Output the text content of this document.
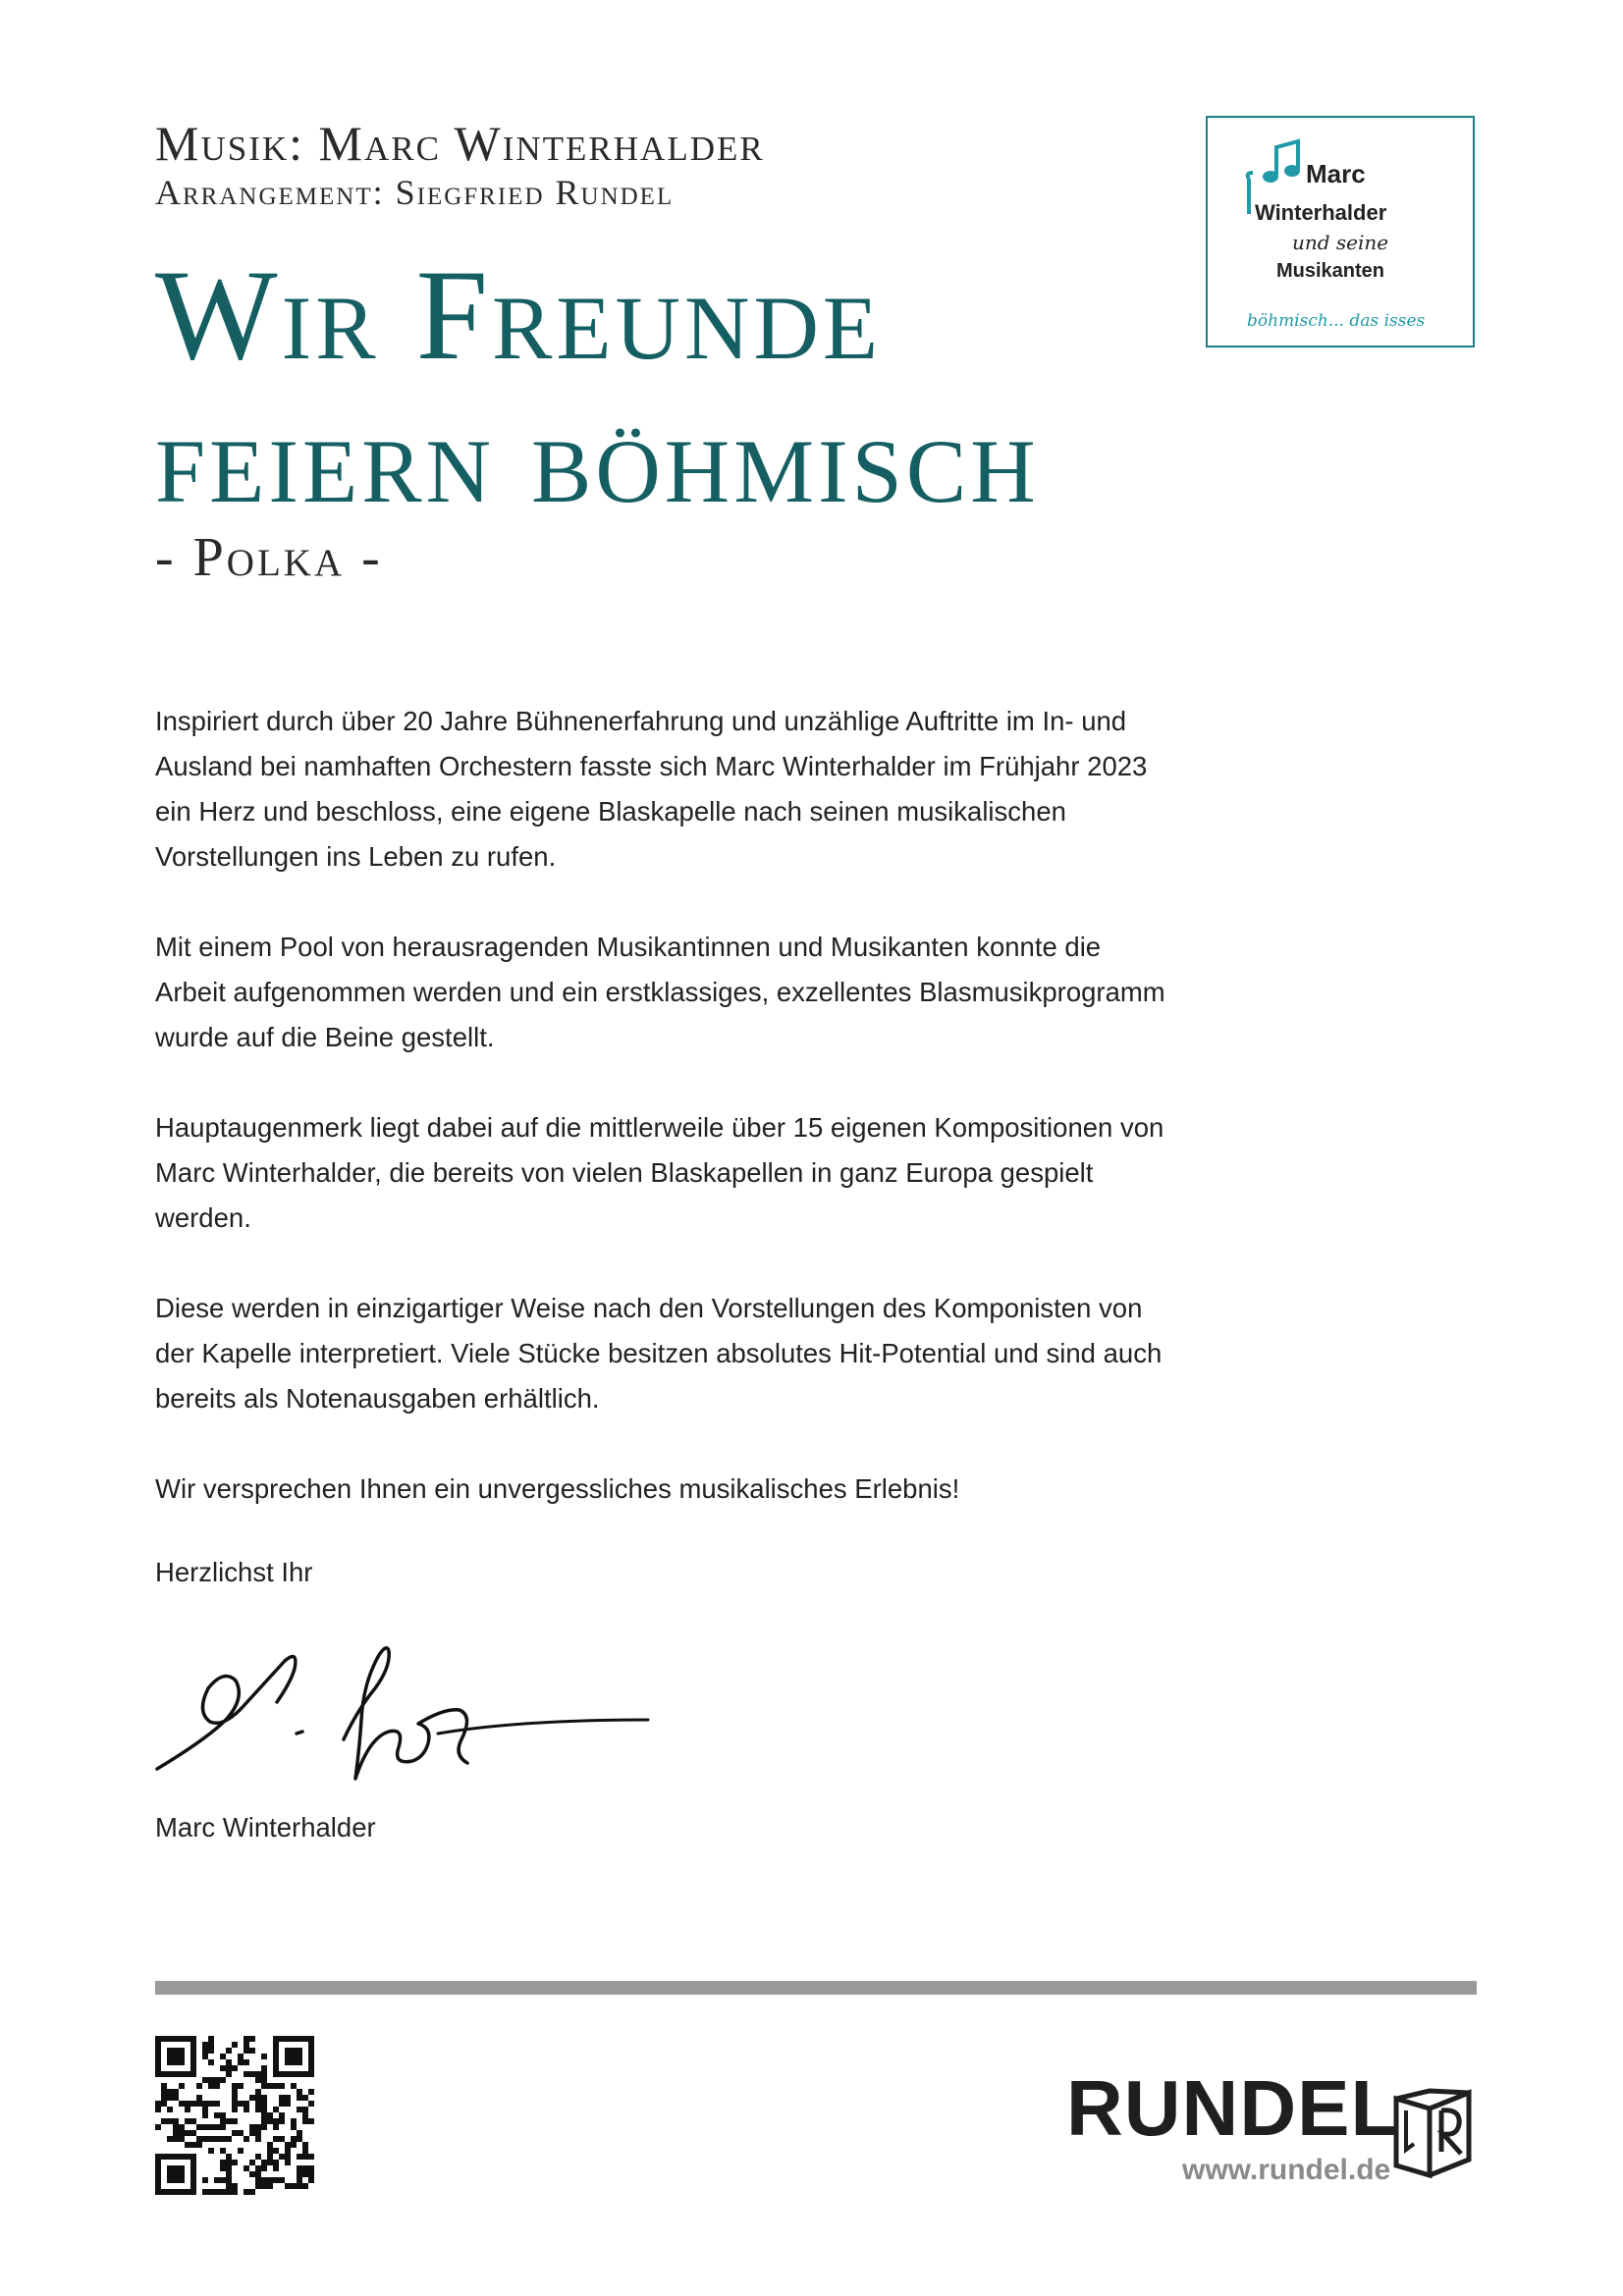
Musik: Marc Winterhalder
Arrangement: Siegfried Rundel
Wir Freunde
feiern böhmisch
- Polka -
Marc
Winterhalder
und seine
Musikanten
böhmisch... das isses

Inspiriert durch über 20 Jahre Bühnenerfahrung und unzählige Auftritte im In- und Ausland bei namhaften Orchestern fasste sich Marc Winterhalder im Frühjahr 2023 ein Herz und beschloss, eine eigene Blaskapelle nach seinen musikalischen Vorstellungen ins Leben zu rufen.

Mit einem Pool von herausragenden Musikantinnen und Musikanten konnte die Arbeit aufgenommen werden und ein erstklassiges, exzellentes Blasmusikprogramm wurde auf die Beine gestellt.

Hauptaugenmerk liegt dabei auf die mittlerweile über 15 eigenen Kompositionen von Marc Winterhalder, die bereits von vielen Blaskapellen in ganz Europa gespielt werden.

Diese werden in einzigartiger Weise nach den Vorstellungen des Komponisten von der Kapelle interpretiert. Viele Stücke besitzen absolutes Hit-Potential und sind auch bereits als Notenausgaben erhältlich.

Wir versprechen Ihnen ein unvergessliches musikalisches Erlebnis!

Herzlichst Ihr
Marc Winterhalder
RUNDEL
www.rundel.de
